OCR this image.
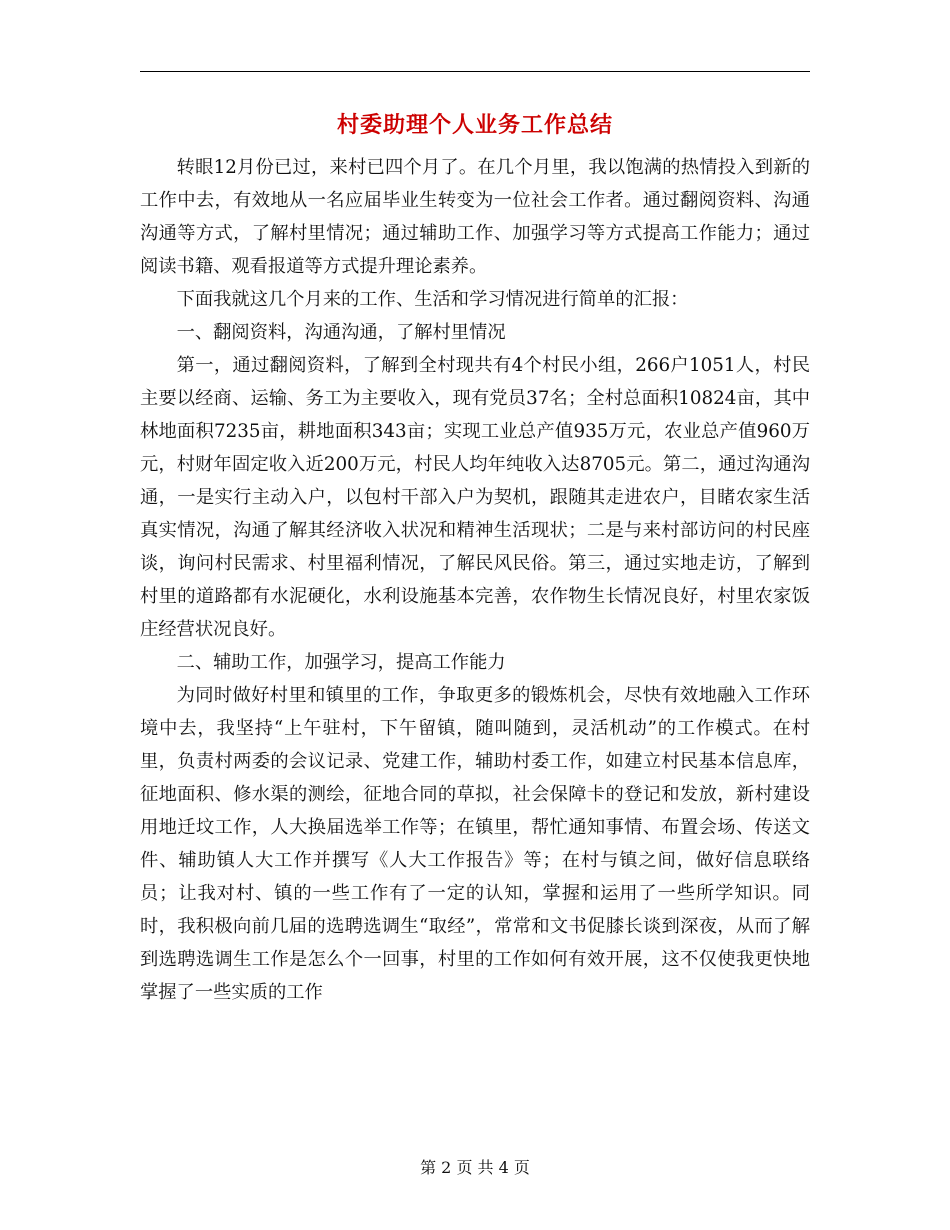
村委助理个人业务工作总结

转眼12月份已过，来村已四个月了。在几个月里，我以饱满的热情投入到新的工作中去，有效地从一名应届毕业生转变为一位社会工作者。通过翻阅资料、沟通沟通等方式，了解村里情况；通过辅助工作、加强学习等方式提高工作能力；通过阅读书籍、观看报道等方式提升理论素养。

下面我就这几个月来的工作、生活和学习情况进行简单的汇报：

一、翻阅资料，沟通沟通，了解村里情况

第一，通过翻阅资料，了解到全村现共有4个村民小组，266户1051人，村民主要以经商、运输、务工为主要收入，现有党员37名；全村总面积10824亩，其中林地面积7235亩，耕地面积343亩；实现工业总产值935万元，农业总产值960万元，村财年固定收入近200万元，村民人均年纯收入达8705元。第二，通过沟通沟通，一是实行主动入户，以包村干部入户为契机，跟随其走进农户，目睹农家生活真实情况，沟通了解其经济收入状况和精神生活现状；二是与来村部访问的村民座谈，询问村民需求、村里福利情况，了解民风民俗。第三，通过实地走访，了解到村里的道路都有水泥硬化，水利设施基本完善，农作物生长情况良好，村里农家饭庄经营状况良好。

二、辅助工作，加强学习，提高工作能力

为同时做好村里和镇里的工作，争取更多的锻炼机会，尽快有效地融入工作环境中去，我坚持“上午驻村，下午留镇，随叫随到，灵活机动”的工作模式。在村里，负责村两委的会议记录、党建工作，辅助村委工作，如建立村民基本信息库，征地面积、修水渠的测绘，征地合同的草拟，社会保障卡的登记和发放，新村建设用地迁坟工作，人大换届选举工作等；在镇里，帮忙通知事情、布置会场、传送文件、辅助镇人大工作并撰写《人大工作报告》等；在村与镇之间，做好信息联络员；让我对村、镇的一些工作有了一定的认知，掌握和运用了一些所学知识。同时，我积极向前几届的选聘选调生“取经”，常常和文书促膝长谈到深夜，从而了解到选聘选调生工作是怎么个一回事，村里的工作如何有效开展，这不仅使我更快地掌握了一些实质的工作

第 2 页 共 4 页
